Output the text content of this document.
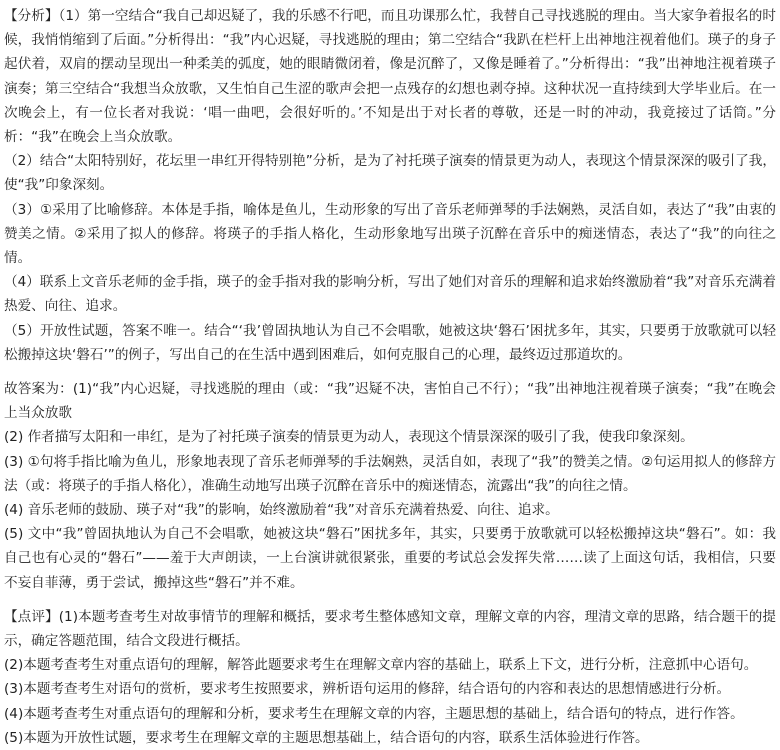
【分析】（1）第一空结合“我自己却迟疑了，我的乐感不行吧，而且功课那么忙，我替自己寻找逃脱的理由。当大家争着报名的时候，我悄悄缩到了后面。”分析得出：“我”内心迟疑，寻找逃脱的理由；第二空结合“我趴在栏杆上出神地注视着他们。瑛子的身子起伏着，双肩的摆动呈现出一种柔美的弧度，她的眼睛微闭着，像是沉醉了，又像是睡着了。”分析得出：“我”出神地注视着瑛子演奏；第三空结合“我想当众放歌，又生怕自己生涩的歌声会把一点残存的幻想也剥夺掉。这种状况一直持续到大学毕业后。在一次晚会上，有一位长者对我说：‘唱一曲吧，会很好听的。’不知是出于对长者的尊敬，还是一时的冲动，我竟接过了话筒。”分析：“我”在晚会上当众放歌。

（2）结合“太阳特别好，花坛里一串红开得特别艳”分析，是为了衬托瑛子演奏的情景更为动人，表现这个情景深深的吸引了我，使“我”印象深刻。

（3）①采用了比喻修辞。本体是手指，喻体是鱼儿，生动形象的写出了音乐老师弹琴的手法娴熟，灵活自如，表达了“我”由衷的赞美之情。②采用了拟人的修辞。将瑛子的手指人格化，生动形象地写出瑛子沉醉在音乐中的痴迷情态，表达了“我”的向往之情。

（4）联系上文音乐老师的金手指，瑛子的金手指对我的影响分析，写出了她们对音乐的理解和追求始终激励着“我”对音乐充满着热爱、向往、追求。

（5）开放性试题，答案不唯一。结合“‘我’曾固执地认为自己不会唱歌，她被这块‘磐石’困扰多年，其实，只要勇于放歌就可以轻松搬掉这块‘磐石’”的例子，写出自己的在生活中遇到困难后，如何克服自己的心理，最终迈过那道坎的。

故答案为：(1)“我”内心迟疑，寻找逃脱的理由（或：“我”迟疑不决，害怕自己不行）；“我”出神地注视着瑛子演奏；“我”在晚会上当众放歌

(2) 作者描写太阳和一串红，是为了衬托瑛子演奏的情景更为动人，表现这个情景深深的吸引了我，使我印象深刻。

(3) ①句将手指比喻为鱼儿，形象地表现了音乐老师弹琴的手法娴熟，灵活自如，表现了“我”的赞美之情。②句运用拟人的修辞方法（或：将瑛子的手指人格化），准确生动地写出瑛子沉醉在音乐中的痴迷情态，流露出“我”的向往之情。

(4) 音乐老师的鼓励、瑛子对“我”的影响，始终激励着“我”对音乐充满着热爱、向往、追求。

(5) 文中“我”曾固执地认为自己不会唱歌，她被这块“磐石”困扰多年，其实，只要勇于放歌就可以轻松搬掉这块“磐石”。如：我自己也有心灵的“磐石”——羞于大声朗读，一上台演讲就很紧张，重要的考试总会发挥失常……读了上面这句话，我相信，只要不妄自菲薄，勇于尝试，搬掉这些“磐石”并不难。

【点评】(1)本题考查考生对故事情节的理解和概括，要求考生整体感知文章，理解文章的内容，理清文章的思路，结合题干的提示，确定答题范围，结合文段进行概括。

(2)本题考查考生对重点语句的理解，解答此题要求考生在理解文章内容的基础上，联系上下文，进行分析，注意抓中心语句。

(3)本题考查考生对语句的赏析，要求考生按照要求，辨析语句运用的修辞，结合语句的内容和表达的思想情感进行分析。

(4)本题考查考生对重点语句的理解和分析，要求考生在理解文章的内容，主题思想的基础上，结合语句的特点，进行作答。

(5)本题为开放性试题，要求考生在理解文章的主题思想基础上，结合语句的内容，联系生活体验进行作答。
